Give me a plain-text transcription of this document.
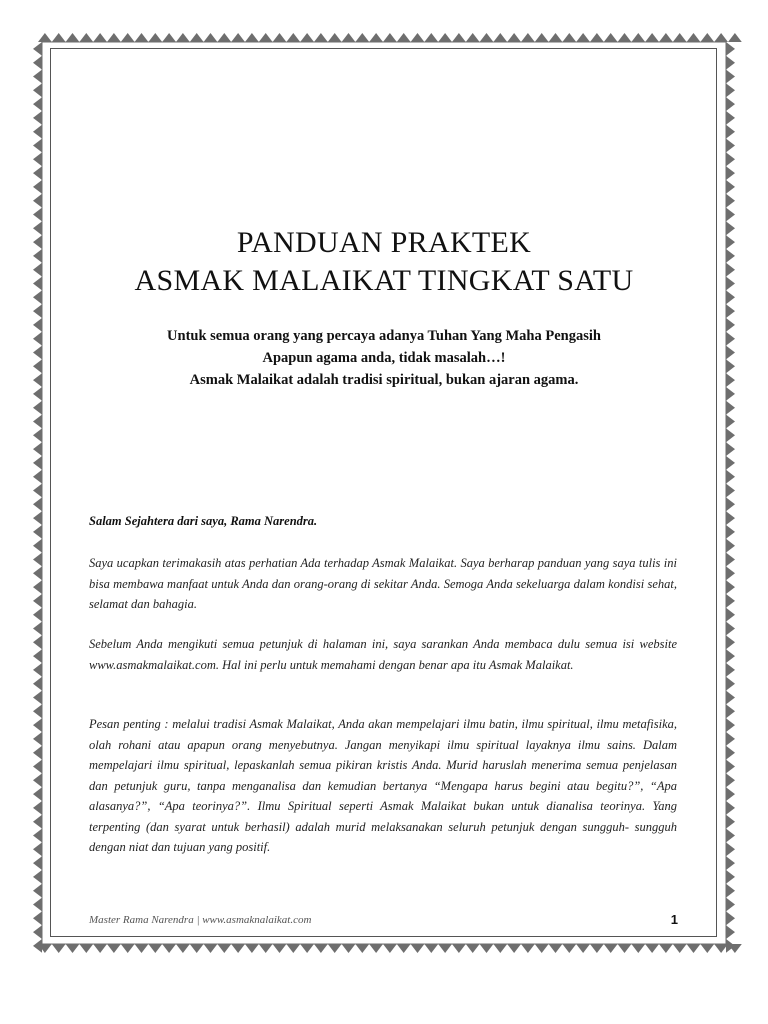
PANDUAN PRAKTEK
ASMAK MALAIKAT TINGKAT SATU
Untuk semua orang yang percaya adanya Tuhan Yang Maha Pengasih
Apapun agama anda, tidak masalah…!
Asmak Malaikat adalah tradisi spiritual, bukan ajaran agama.
Salam Sejahtera dari saya, Rama Narendra.

Saya ucapkan terimakasih atas perhatian Ada terhadap Asmak Malaikat. Saya berharap panduan yang saya tulis ini bisa membawa manfaat untuk Anda dan orang-orang di sekitar Anda. Semoga Anda sekeluarga dalam kondisi sehat, selamat dan bahagia.

Sebelum Anda mengikuti semua petunjuk di halaman ini, saya sarankan Anda membaca dulu semua isi website www.asmakmalaikat.com. Hal ini perlu untuk memahami dengan benar apa itu Asmak Malaikat.

Pesan penting : melalui tradisi Asmak Malaikat, Anda akan mempelajari ilmu batin, ilmu spiritual, ilmu metafisika, olah rohani atau apapun orang menyebutnya. Jangan menyikapi ilmu spiritual layaknya ilmu sains. Dalam mempelajari ilmu spiritual, lepaskanlah semua pikiran kristis Anda. Murid haruslah menerima semua penjelasan dan petunjuk guru, tanpa menganalisa dan kemudian bertanya “Mengapa harus begini atau begitu?”, “Apa alasanya?”, “Apa teorinya?”. Ilmu Spiritual seperti Asmak Malaikat bukan untuk dianalisa teorinya. Yang terpenting (dan syarat untuk berhasil) adalah murid melaksanakan seluruh petunjuk dengan sungguh- sungguh dengan niat dan tujuan yang positif.

Master Rama Narendra | www.asmaknalaikat.com	1
